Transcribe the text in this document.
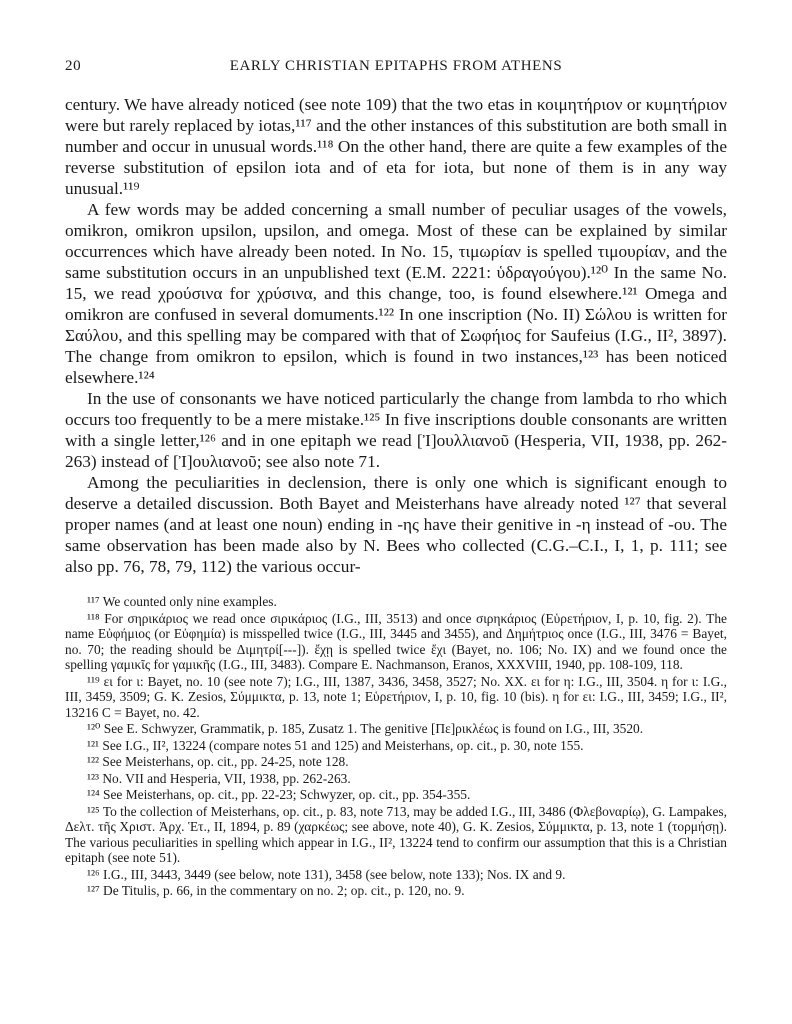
20	EARLY CHRISTIAN EPITAPHS FROM ATHENS

century. We have already noticed (see note 109) that the two etas in κοιμητήριον or κυμητήριον were but rarely replaced by iotas,¹¹⁷ and the other instances of this substitution are both small in number and occur in unusual words.¹¹⁸ On the other hand, there are quite a few examples of the reverse substitution of epsilon iota and of eta for iota, but none of them is in any way unusual.¹¹⁹

A few words may be added concerning a small number of peculiar usages of the vowels, omikron, omikron upsilon, upsilon, and omega. Most of these can be explained by similar occurrences which have already been noted. In No. 15, τιμωρίαν is spelled τιμουρίαν, and the same substitution occurs in an unpublished text (E.M. 2221: ὑδραγούγου).¹²⁰ In the same No. 15, we read χρούσινα for χρύσινα, and this change, too, is found elsewhere.¹²¹ Omega and omikron are confused in several domuments.¹²² In one inscription (No. II) Σώλου is written for Σαύλου, and this spelling may be compared with that of Σωφήιος for Saufeius (I.G., II², 3897). The change from omikron to epsilon, which is found in two instances,¹²³ has been noticed elsewhere.¹²⁴

In the use of consonants we have noticed particularly the change from lambda to rho which occurs too frequently to be a mere mistake.¹²⁵ In five inscriptions double consonants are written with a single letter,¹²⁶ and in one epitaph we read [Ἰ]ουλλιανοῦ (Hesperia, VII, 1938, pp. 262-263) instead of [Ἰ]ουλιανοῦ; see also note 71.

Among the peculiarities in declension, there is only one which is significant enough to deserve a detailed discussion. Both Bayet and Meisterhans have already noted ¹²⁷ that several proper names (and at least one noun) ending in -ης have their genitive in -η instead of -ου. The same observation has been made also by N. Bees who collected (C.G.–C.I., I, 1, p. 111; see also pp. 76, 78, 79, 112) the various occur-

¹¹⁷ We counted only nine examples.

¹¹⁸ For σηρικάριος we read once σιρικάριος (I.G., III, 3513) and once σιρηκάριος (Εὑρετήριον, I, p. 10, fig. 2). The name Εὐφήμιος (or Εὐφημία) is misspelled twice (I.G., III, 3445 and 3455), and Δημήτριος once (I.G., III, 3476 = Bayet, no. 70; the reading should be Διμητρί[---]). ἔχῃ is spelled twice ἔχι (Bayet, no. 106; No. IX) and we found once the spelling γαμικῖς for γαμικῆς (I.G., III, 3483). Compare E. Nachmanson, Eranos, XXXVIII, 1940, pp. 108-109, 118.

¹¹⁹ ει for ι: Bayet, no. 10 (see note 7); I.G., III, 1387, 3436, 3458, 3527; No. XX. ει for η: I.G., III, 3504. η for ι: I.G., III, 3459, 3509; G. K. Zesios, Σύμμικτα, p. 13, note 1; Εὑρετήριον, I, p. 10, fig. 10 (bis). η for ει: I.G., III, 3459; I.G., II², 13216 C = Bayet, no. 42.

¹²⁰ See E. Schwyzer, Grammatik, p. 185, Zusatz 1. The genitive [Πε]ρικλέως is found on I.G., III, 3520.

¹²¹ See I.G., II², 13224 (compare notes 51 and 125) and Meisterhans, op. cit., p. 30, note 155.

¹²² See Meisterhans, op. cit., pp. 24-25, note 128.

¹²³ No. VII and Hesperia, VII, 1938, pp. 262-263.

¹²⁴ See Meisterhans, op. cit., pp. 22-23; Schwyzer, op. cit., pp. 354-355.

¹²⁵ To the collection of Meisterhans, op. cit., p. 83, note 713, may be added I.G., III, 3486 (Φλεβοναρίῳ), G. Lampakes, Δελτ. τῆς Χριστ. Ἀρχ. Ἑτ., II, 1894, p. 89 (χαρκέως; see above, note 40), G. K. Zesios, Σύμμικτα, p. 13, note 1 (τορμήσῃ). The various peculiarities in spelling which appear in I.G., II², 13224 tend to confirm our assumption that this is a Christian epitaph (see note 51).

¹²⁶ I.G., III, 3443, 3449 (see below, note 131), 3458 (see below, note 133); Nos. IX and 9.

¹²⁷ De Titulis, p. 66, in the commentary on no. 2; op. cit., p. 120, no. 9.
